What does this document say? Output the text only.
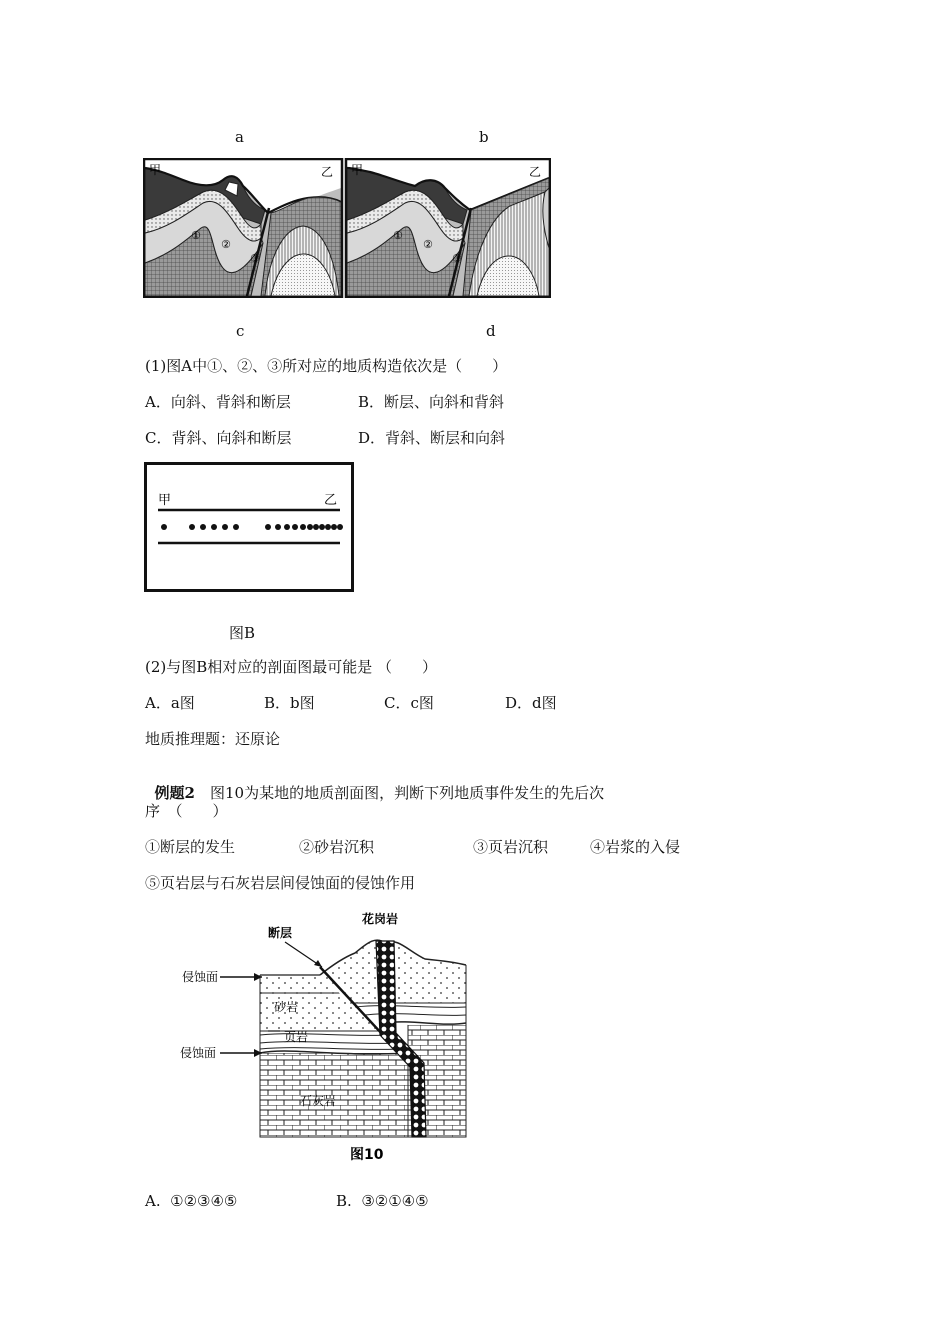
a	b
c	d
甲	乙
①
②
③
甲	乙
①
②
③
(1)图A中①、②、③所对应的地质构造依次是（　　）
A．向斜、背斜和断层	B．断层、向斜和背斜
C．背斜、向斜和断层	D．背斜、断层和向斜
甲	乙
图B
(2)与图B相对应的剖面图最可能是 （　　）
A．a图	B．b图	C．c图	D．d图
地质推理题：还原论

例题2　图10为某地的地质剖面图，判断下列地质事件发生的先后次

序　（　　）
①断层的发生	②砂岩沉积	③页岩沉积	④岩浆的入侵
⑤页岩层与石灰岩层间侵蚀面的侵蚀作用
花岗岩
断层
侵蚀面
砂岩
页岩
侵蚀面
石灰岩
图10
A.  ①②③④⑤	B.  ③②①④⑤
